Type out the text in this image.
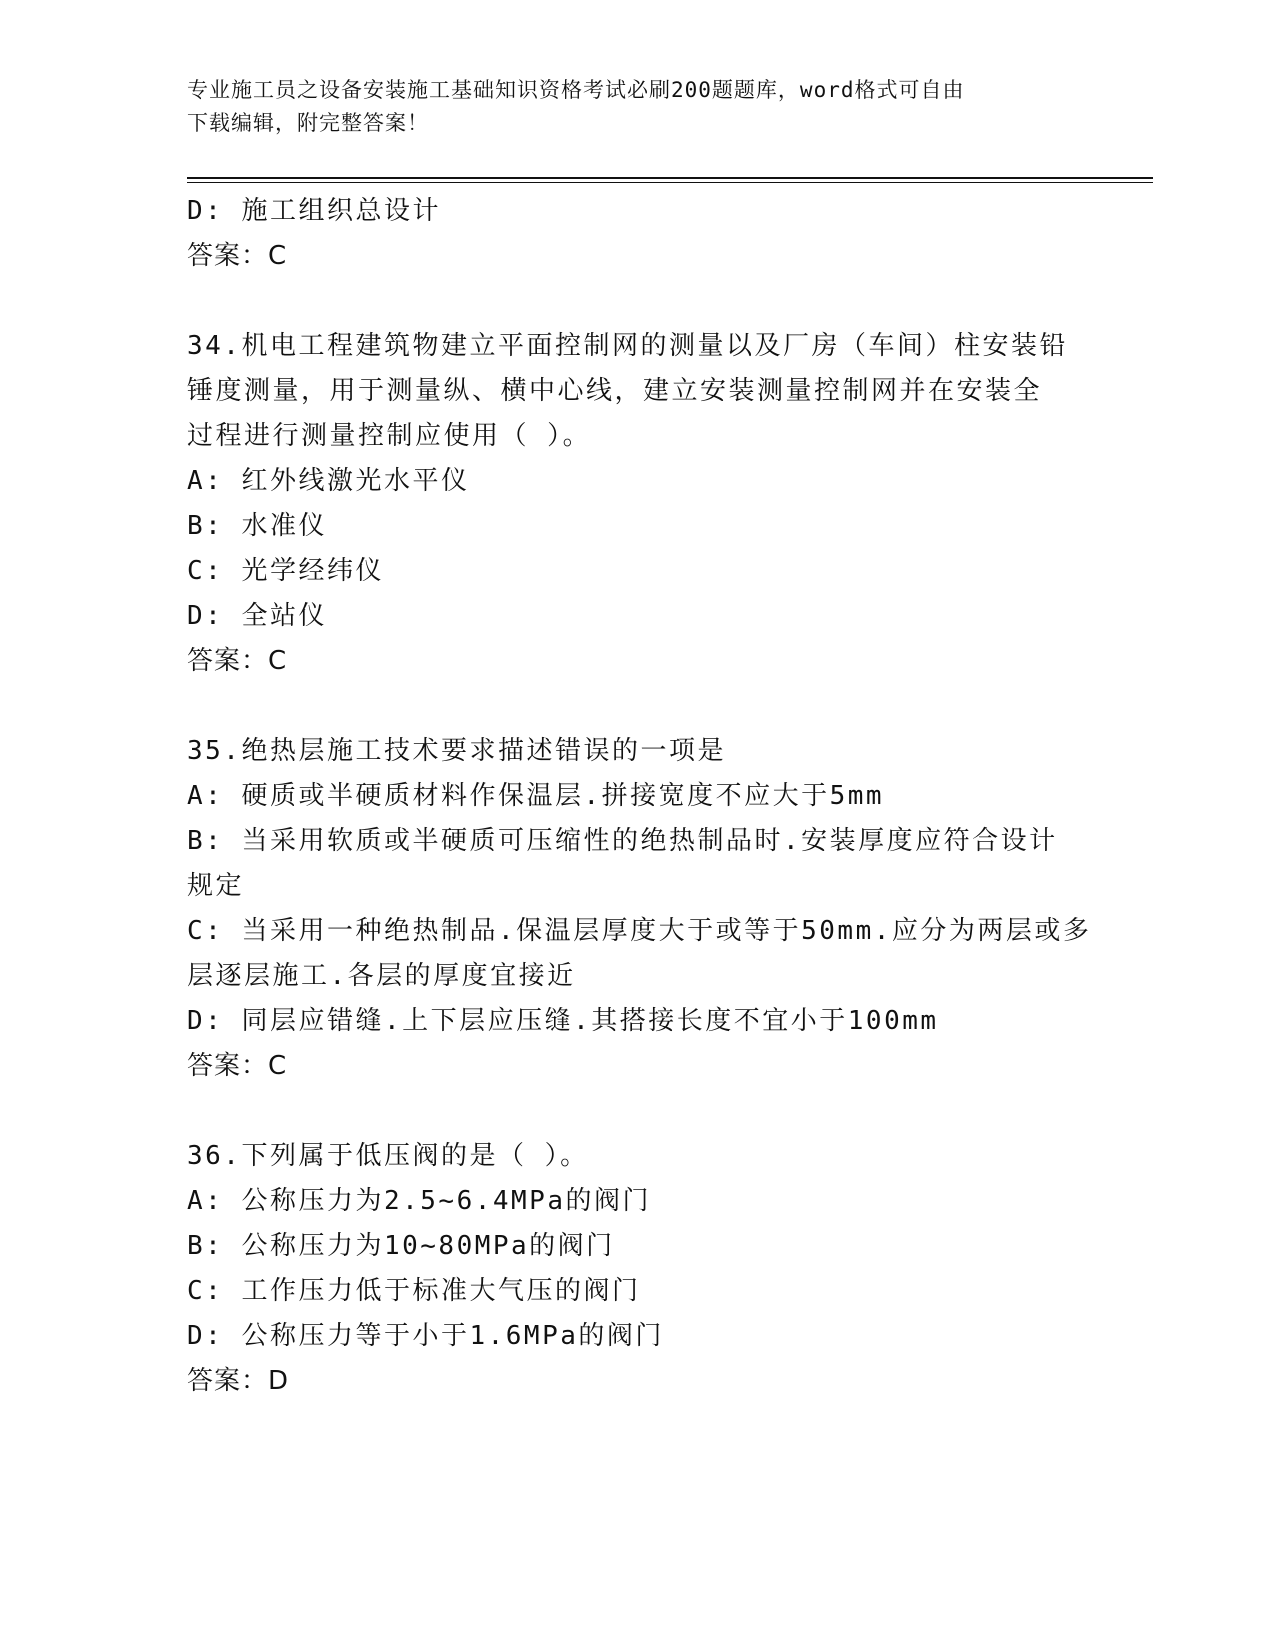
专业施工员之设备安装施工基础知识资格考试必刷200题题库，word格式可自由
下载编辑，附完整答案！
D: 施工组织总设计
答案：C
34.机电工程建筑物建立平面控制网的测量以及厂房（车间）柱安装铅
锤度测量，用于测量纵、横中心线，建立安装测量控制网并在安装全
过程进行测量控制应使用（ ）。
A: 红外线激光水平仪
B: 水准仪
C: 光学经纬仪
D: 全站仪
答案：C
35.绝热层施工技术要求描述错误的一项是
A: 硬质或半硬质材料作保温层.拼接宽度不应大于5mm
B: 当采用软质或半硬质可压缩性的绝热制品时.安装厚度应符合设计
规定
C: 当采用一种绝热制品.保温层厚度大于或等于50mm.应分为两层或多
层逐层施工.各层的厚度宜接近
D: 同层应错缝.上下层应压缝.其搭接长度不宜小于100mm
答案：C
36.下列属于低压阀的是（ ）。
A: 公称压力为2.5~6.4MPa的阀门
B: 公称压力为10~80MPa的阀门
C: 工作压力低于标准大气压的阀门
D: 公称压力等于小于1.6MPa的阀门
答案：D
